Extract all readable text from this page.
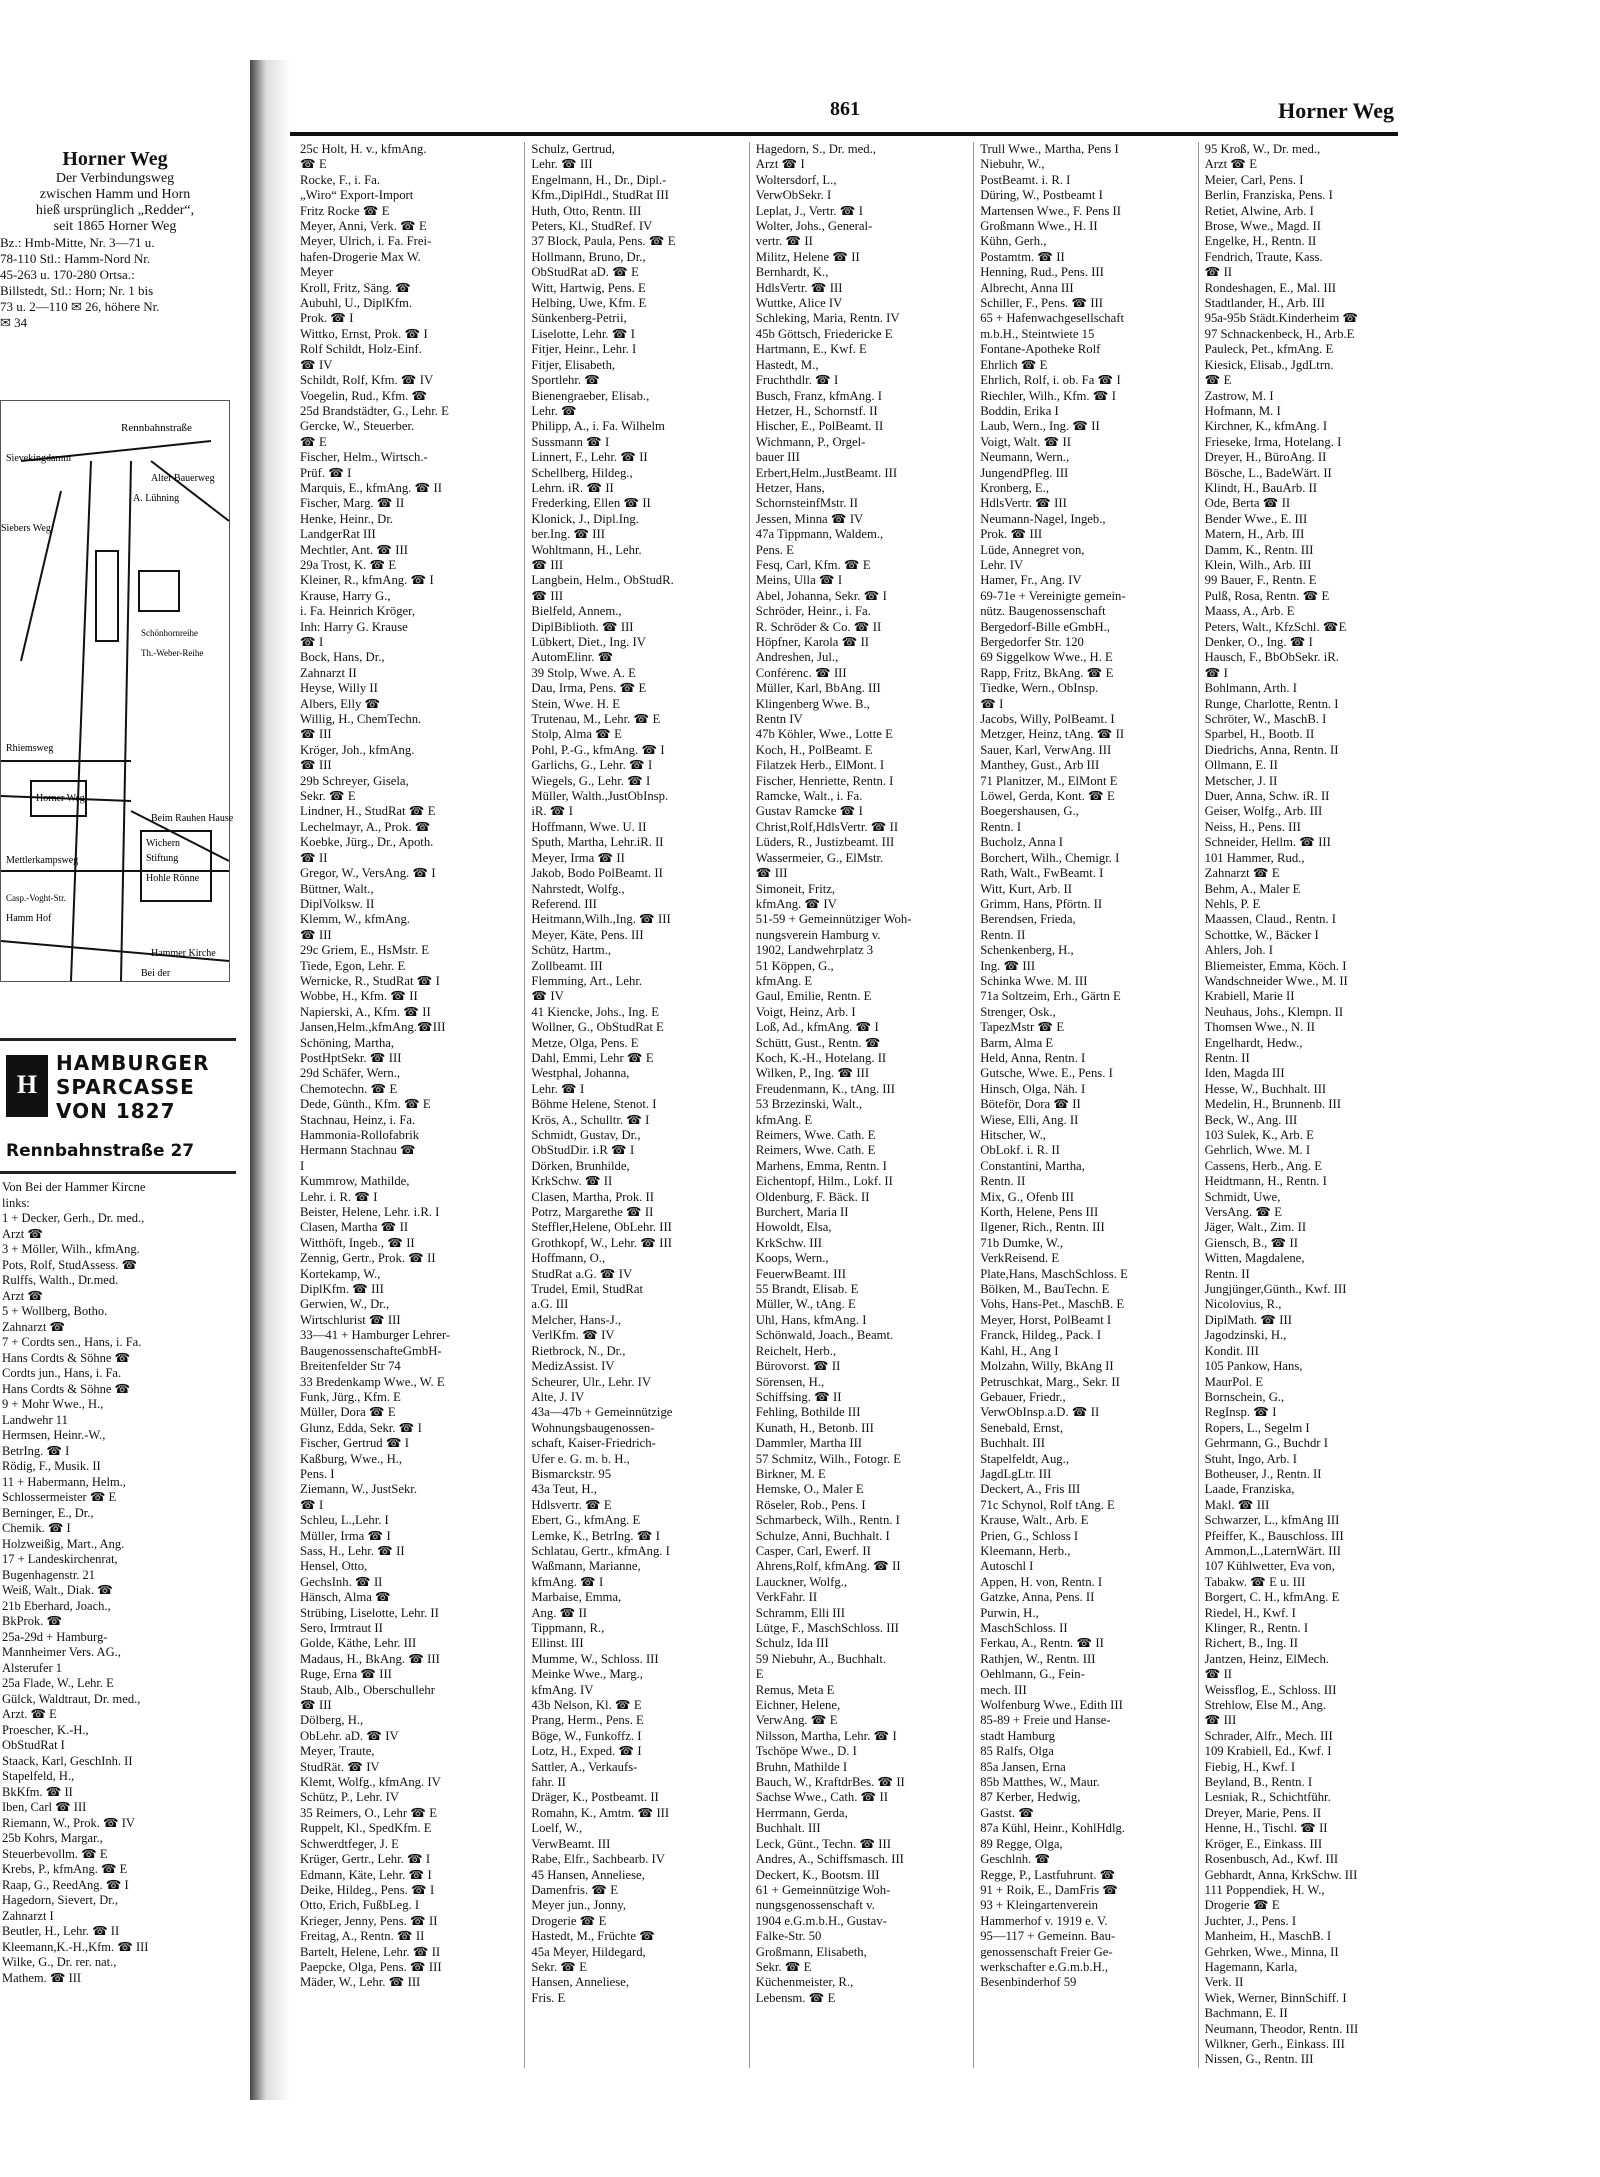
Horner Weg
Der Verbindungsweg
zwischen Hamm und Horn
hieß ursprünglich „Redder“,
seit 1865 Horner Weg
Bz.: Hmb-Mitte, Nr. 3—71 u.
78-110 Stl.: Hamm-Nord Nr.
45-263 u. 170-280 Ortsa.:
Billstedt, Stl.: Horn; Nr. 1 bis
73 u. 2—110 ✉ 26, höhere Nr.
✉ 34
Rennbahnstraße
Alter Bauerweg
A. Lühning
Siebers Weg
Horner Weg
Rhiemsweg
Hamm Hof
Mettlerkampsweg
Beim Rauhen Hause
Wichern
Stiftung
Hohle Rönne
Hammer Kirche
Bei der
Sievekingdamm
Schönhornreihe
Th.-Weber-Reihe
Casp.-Voght-Str.
H
HAMBURGER
SPARCASSE
VON 1827
Rennbahnstraße 27
Von Bei der Hammer Kircne
links:
1 + Decker, Gerh., Dr. med.,
Arzt ☎
3 + Möller, Wilh., kfmAng.
Pots, Rolf, StudAssess. ☎
Rulffs, Walth., Dr.med.
Arzt ☎
5 + Wollberg, Botho.
Zahnarzt ☎
7 + Cordts sen., Hans, i. Fa.
Hans Cordts & Söhne ☎
Cordts jun., Hans, i. Fa.
Hans Cordts & Söhne ☎
9 + Mohr Wwe., H.,
Landwehr 11
Hermsen, Heinr.-W.,
BetrIng. ☎ I
Rödig, F., Musik. II
11 + Habermann, Helm.,
Schlossermeister ☎ E
Berninger, E., Dr.,
Chemik. ☎ I
Holzweißig, Mart., Ang.
17 + Landeskirchenrat,
Bugenhagenstr. 21
Weiß, Walt., Diak. ☎
21b Eberhard, Joach.,
BkProk. ☎
25a-29d + Hamburg-
Mannheimer Vers. AG.,
Alsterufer 1
25a Flade, W., Lehr. E
Gülck, Waldtraut, Dr. med.,
Arzt. ☎ E
Proescher, K.-H.,
ObStudRat I
Staack, Karl, GeschInh. II
Stapelfeld, H.,
BkKfm. ☎ II
Iben, Carl ☎ III
Riemann, W., Prok. ☎ IV
25b Kohrs, Margar.,
Steuerbevollm. ☎ E
Krebs, P., kfmAng. ☎ E
Raap, G., ReedAng. ☎ I
Hagedorn, Sievert, Dr.,
Zahnarzt I
Beutler, H., Lehr. ☎ II
Kleemann,K.-H.,Kfm. ☎ III
Wilke, G., Dr. rer. nat.,
Mathem. ☎ III
861	Horner Weg
25c Holt, H. v., kfmAng.
☎ E
Rocke, F., i. Fa.
„Wiro“ Export-Import
Fritz Rocke ☎ E
Meyer, Anni, Verk. ☎ E
Meyer, Ulrich, i. Fa. Frei-
hafen-Drogerie Max W.
Meyer
Kroll, Fritz, Säng. ☎
Aubuhl, U., DiplKfm.
Prok. ☎ I
Wittko, Ernst, Prok. ☎ I
Rolf Schildt, Holz-Einf.
☎ IV
Schildt, Rolf, Kfm. ☎ IV
Voegelin, Rud., Kfm. ☎
25d Brandstädter, G., Lehr. E
Gercke, W., Steuerber.
☎ E
Fischer, Helm., Wirtsch.-
Prüf. ☎ I
Marquis, E., kfmAng. ☎ II
Fischer, Marg. ☎ II
Henke, Heinr., Dr.
LandgerRat III
Mechtler, Ant. ☎ III
29a Trost, K. ☎ E
Kleiner, R., kfmAng. ☎ I
Krause, Harry G.,
i. Fa. Heinrich Kröger,
Inh: Harry G. Krause
☎ I
Bock, Hans, Dr.,
Zahnarzt II
Heyse, Willy II
Albers, Elly ☎
Willig, H., ChemTechn.
☎ III
Kröger, Joh., kfmAng.
☎ III
29b Schreyer, Gisela,
Sekr. ☎ E
Lindner, H., StudRat ☎ E
Lechelmayr, A., Prok. ☎
Koebke, Jürg., Dr., Apoth.
☎ II
Gregor, W., VersAng. ☎ I
Büttner, Walt.,
DiplVolksw. II
Klemm, W., kfmAng.
☎ III
29c Griem, E., HsMstr. E
Tiede, Egon, Lehr. E
Wernicke, R., StudRat ☎ I
Wobbe, H., Kfm. ☎ II
Napierski, A., Kfm. ☎ II
Jansen,Helm.,kfmAng.☎III
Schöning, Martha,
PostHptSekr. ☎ III
29d Schäfer, Wern.,
Chemotechn. ☎ E
Dede, Günth., Kfm. ☎ E
Stachnau, Heinz, i. Fa.
Hammonia-Rollofabrik
Hermann Stachnau ☎
I
Kummrow, Mathilde,
Lehr. i. R. ☎ I
Beister, Helene, Lehr. i.R. I
Clasen, Martha ☎ II
Witthöft, Ingeb., ☎ II
Zennig, Gertr., Prok. ☎ II
Kortekamp, W.,
DiplKfm. ☎ III
Gerwien, W., Dr.,
Wirtschlurist ☎ III
33—41 + Hamburger Lehrer-
BaugenossenschafteGmbH-
Breitenfelder Str 74
33 Bredenkamp Wwe., W. E
Funk, Jürg., Kfm. E
Müller, Dora ☎ E
Glunz, Edda, Sekr. ☎ I
Fischer, Gertrud ☎ I
Kaßburg, Wwe., H.,
Pens. I
Ziemann, W., JustSekr.
☎ I
Schleu, L.,Lehr. I
Müller, Irma ☎ I
Sass, H., Lehr. ☎ II
Hensel, Otto,
GechsInh. ☎ II
Hänsch, Alma ☎
Strübing, Liselotte, Lehr. II
Sero, Irmtraut II
Golde, Käthe, Lehr. III
Madaus, H., BkAng. ☎ III
Ruge, Erna ☎ III
Staub, Alb., Oberschullehr
☎ III
Dölberg, H.,
ObLehr. aD. ☎ IV
Meyer, Traute,
StudRät. ☎ IV
Klemt, Wolfg., kfmAng. IV
Schütz, P., Lehr. IV
35 Reimers, O., Lehr ☎ E
Ruppelt, Kl., SpedKfm. E
Schwerdtfeger, J. E
Krüger, Gertr., Lehr. ☎ I
Edmann, Käte, Lehr. ☎ I
Deike, Hildeg., Pens. ☎ I
Otto, Erich, FußbLeg. I
Krieger, Jenny, Pens. ☎ II
Freitag, A., Rentn. ☎ II
Bartelt, Helene, Lehr. ☎ II
Paepcke, Olga, Pens. ☎ III
Mäder, W., Lehr. ☎ III
Schulz, Gertrud,
Lehr. ☎ III
Engelmann, H., Dr., Dipl.-
Kfm.,DiplHdl., StudRat III
Huth, Otto, Rentn. III
Peters, Kl., StudRef. IV
37 Block, Paula, Pens. ☎ E
Hollmann, Bruno, Dr.,
ObStudRat aD. ☎ E
Witt, Hartwig, Pens. E
Helbing, Uwe, Kfm. E
Sünkenberg-Petrii,
Liselotte, Lehr. ☎ I
Fitjer, Heinr., Lehr. I
Fitjer, Elisabeth,
Sportlehr. ☎
Bienengraeber, Elisab.,
Lehr. ☎
Philipp, A., i. Fa. Wilhelm
Sussmann ☎ I
Linnert, F., Lehr. ☎ II
Schellberg, Hildeg.,
Lehrn. iR. ☎ II
Frederking, Ellen ☎ II
Klonick, J., Dipl.Ing.
ber.Ing. ☎ III
Wohltmann, H., Lehr.
☎ III
Langbein, Helm., ObStudR.
☎ III
Bielfeld, Annem.,
DiplBiblioth. ☎ III
Lübkert, Diet., Ing. IV
AutomElinr. ☎
39 Stolp, Wwe. A. E
Dau, Irma, Pens. ☎ E
Stein, Wwe. H. E
Trutenau, M., Lehr. ☎ E
Stolp, Alma ☎ E
Pohl, P.-G., kfmAng. ☎ I
Garlichs, G., Lehr. ☎ I
Wiegels, G., Lehr. ☎ I
Müller, Walth.,JustObInsp.
iR. ☎ I
Hoffmann, Wwe. U. II
Sputh, Martha, Lehr.iR. II
Meyer, Irma ☎ II
Jakob, Bodo PolBeamt. II
Nahrstedt, Wolfg.,
Referend. III
Heitmann,Wilh.,Ing. ☎ III
Meyer, Käte, Pens. III
Schütz, Hartm.,
Zollbeamt. III
Flemming, Art., Lehr.
☎ IV
41 Kiencke, Johs., Ing. E
Wollner, G., ObStudRat E
Metze, Olga, Pens. E
Dahl, Emmi, Lehr ☎ E
Westphal, Johanna,
Lehr. ☎ I
Böhme Helene, Stenot. I
Krös, A., Schulltr. ☎ I
Schmidt, Gustav, Dr.,
ObStudDir. i.R ☎ I
Dörken, Brunhilde,
KrkSchw. ☎ II
Clasen, Martha, Prok. II
Potrz, Margarethe ☎ II
Steffler,Helene, ObLehr. III
Grothkopf, W., Lehr. ☎ III
Hoffmann, O.,
StudRat a.G. ☎ IV
Trudel, Emil, StudRat
a.G. III
Melcher, Hans-J.,
VerlKfm. ☎ IV
Rietbrock, N., Dr.,
MedizAssist. IV
Scheurer, Ulr., Lehr. IV
Alte, J. IV
43a—47b + Gemeinnützige
Wohnungsbaugenossen-
schaft, Kaiser-Friedrich-
Ufer e. G. m. b. H.,
Bismarckstr. 95
43a Teut, H.,
Hdlsvertr. ☎ E
Ebert, G., kfmAng. E
Lemke, K., BetrIng. ☎ I
Schlatau, Gertr., kfmAng. I
Waßmann, Marianne,
kfmAng. ☎ I
Marbaise, Emma,
Ang. ☎ II
Tippmann, R.,
Ellinst. III
Mumme, W., Schloss. III
Meinke Wwe., Marg.,
kfmAng. IV
43b Nelson, Kl. ☎ E
Prang, Herm., Pens. E
Böge, W., Funkoffz. I
Lotz, H., Exped. ☎ I
Sattler, A., Verkaufs-
fahr. II
Dräger, K., Postbeamt. II
Romahn, K., Amtm. ☎ III
Loelf, W.,
VerwBeamt. III
Rabe, Elfr., Sachbearb. IV
45 Hansen, Anneliese,
Damenfris. ☎ E
Meyer jun., Jonny,
Drogerie ☎ E
Hastedt, M., Früchte ☎
45a Meyer, Hildegard,
Sekr. ☎ E
Hansen, Anneliese,
Fris. E
Hagedorn, S., Dr. med.,
Arzt ☎ I
Woltersdorf, L.,
VerwObSekr. I
Leplat, J., Vertr. ☎ I
Wolter, Johs., General-
vertr. ☎ II
Militz, Helene ☎ II
Bernhardt, K.,
HdlsVertr. ☎ III
Wuttke, Alice IV
Schleking, Maria, Rentn. IV
45b Göttsch, Friedericke E
Hartmann, E., Kwf. E
Hastedt, M.,
Fruchthdlr. ☎ I
Busch, Franz, kfmAng. I
Hetzer, H., Schornstf. II
Hischer, E., PolBeamt. II
Wichmann, P., Orgel-
bauer III
Erbert,Helm.,JustBeamt. III
Hetzer, Hans,
SchornsteinfMstr. II
Jessen, Minna ☎ IV
47a Tippmann, Waldem.,
Pens. E
Fesq, Carl, Kfm. ☎ E
Meins, Ulla ☎ I
Abel, Johanna, Sekr. ☎ I
Schröder, Heinr., i. Fa.
R. Schröder & Co. ☎ II
Höpfner, Karola ☎ II
Andreshen, Jul.,
Conférenc. ☎ III
Müller, Karl, BbAng. III
Klingenberg Wwe. B.,
Rentn IV
47b Köhler, Wwe., Lotte E
Koch, H., PolBeamt. E
Filatzek Herb., ElMont. I
Fischer, Henriette, Rentn. I
Ramcke, Walt., i. Fa.
Gustav Ramcke ☎ I
Christ,Rolf,HdlsVertr. ☎ II
Lüders, R., Justizbeamt. III
Wassermeier, G., ElMstr.
☎ III
Simoneit, Fritz,
kfmAng. ☎ IV
51-59 + Gemeinnütziger Woh-
nungsverein Hamburg v.
1902, Landwehrplatz 3
51 Köppen, G.,
kfmAng. E
Gaul, Emilie, Rentn. E
Voigt, Heinz, Arb. I
Loß, Ad., kfmAng. ☎ I
Schütt, Gust., Rentn. ☎
Koch, K.-H., Hotelang. II
Wilken, P., Ing. ☎ III
Freudenmann, K., tAng. III
53 Brzezinski, Walt.,
kfmAng. E
Reimers, Wwe. Cath. E
Reimers, Wwe. Cath. E
Marhens, Emma, Rentn. I
Eichentopf, Hilm., Lokf. II
Oldenburg, F. Bäck. II
Burchert, Maria II
Howoldt, Elsa,
KrkSchw. III
Koops, Wern.,
FeuerwBeamt. III
55 Brandt, Elisab. E
Müller, W., tAng. E
Uhl, Hans, kfmAng. I
Schönwald, Joach., Beamt.
Reichelt, Herb.,
Bürovorst. ☎ II
Sörensen, H.,
Schiffsing. ☎ II
Fehling, Bothilde III
Kunath, H., Betonb. III
Dammler, Martha III
57 Schmitz, Wilh., Fotogr. E
Birkner, M. E
Hemske, O., Maler E
Röseler, Rob., Pens. I
Schmarbeck, Wilh., Rentn. I
Schulze, Anni, Buchhalt. I
Casper, Carl, Ewerf. II
Ahrens,Rolf, kfmAng. ☎ II
Lauckner, Wolfg.,
VerkFahr. II
Schramm, Elli III
Lütge, F., MaschSchloss. III
Schulz, Ida III
59 Niebuhr, A., Buchhalt.
E
Remus, Meta E
Eichner, Helene,
VerwAng. ☎ E
Nilsson, Martha, Lehr. ☎ I
Tschöpe Wwe., D. I
Bruhn, Mathilde I
Bauch, W., KraftdrBes. ☎ II
Sachse Wwe., Cath. ☎ II
Herrmann, Gerda,
Buchhalt. III
Leck, Günt., Techn. ☎ III
Andres, A., Schiffsmasch. III
Deckert, K., Bootsm. III
61 + Gemeinnützige Woh-
nungsgenossenschaft v.
1904 e.G.m.b.H., Gustav-
Falke-Str. 50
Großmann, Elisabeth,
Sekr. ☎ E
Küchenmeister, R.,
Lebensm. ☎ E
Trull Wwe., Martha, Pens I
Niebuhr, W.,
PostBeamt. i. R. I
Düring, W., Postbeamt I
Martensen Wwe., F. Pens II
Großmann Wwe., H. II
Kühn, Gerh.,
Postamtm. ☎ II
Henning, Rud., Pens. III
Albrecht, Anna III
Schiller, F., Pens. ☎ III
65 + Hafenwachgesellschaft
m.b.H., Steintwiete 15
Fontane-Apotheke Rolf
Ehrlich ☎ E
Ehrlich, Rolf, i. ob. Fa ☎ I
Riechler, Wilh., Kfm. ☎ I
Boddin, Erika I
Laub, Wern., Ing. ☎ II
Voigt, Walt. ☎ II
Neumann, Wern.,
JungendPfleg. III
Kronberg, E.,
HdlsVertr. ☎ III
Neumann-Nagel, Ingeb.,
Prok. ☎ III
Lüde, Annegret von,
Lehr. IV
Hamer, Fr., Ang. IV
69-71e + Vereinigte gemein-
nütz. Baugenossenschaft
Bergedorf-Bille eGmbH.,
Bergedorfer Str. 120
69 Siggelkow Wwe., H. E
Rapp, Fritz, BkAng. ☎ E
Tiedke, Wern., ObInsp.
☎ I
Jacobs, Willy, PolBeamt. I
Metzger, Heinz, tAng. ☎ II
Sauer, Karl, VerwAng. III
Manthey, Gust., Arb III
71 Planitzer, M., ElMont E
Löwel, Gerda, Kont. ☎ E
Boegershausen, G.,
Rentn. I
Bucholz, Anna I
Borchert, Wilh., Chemigr. I
Rath, Walt., FwBeamt. I
Witt, Kurt, Arb. II
Grimm, Hans, Pförtn. II
Berendsen, Frieda,
Rentn. II
Schenkenberg, H.,
Ing. ☎ III
Schinka Wwe. M. III
71a Soltzeim, Erh., Gärtn E
Strenger, Osk.,
TapezMstr ☎ E
Barm, Alma E
Held, Anna, Rentn. I
Gutsche, Wwe. E., Pens. I
Hinsch, Olga, Näh. I
Böteför, Dora ☎ II
Wiese, Elli, Ang. II
Hitscher, W.,
ObLokf. i. R. II
Constantini, Martha,
Rentn. II
Mix, G., Ofenb III
Korth, Helene, Pens III
Ilgener, Rich., Rentn. III
71b Dumke, W.,
VerkReisend. E
Plate,Hans, MaschSchloss. E
Bölken, M., BauTechn. E
Vohs, Hans-Pet., MaschB. E
Meyer, Horst, PolBeamt I
Franck, Hildeg., Pack. I
Kahl, H., Ang I
Molzahn, Willy, BkAng II
Petruschkat, Marg., Sekr. II
Gebauer, Friedr.,
VerwObInsp.a.D. ☎ II
Senebald, Ernst,
Buchhalt. III
Stapelfeldt, Aug.,
JagdLgLtr. III
Deckert, A., Fris III
71c Schynol, Rolf tAng. E
Krause, Walt., Arb. E
Prien, G., Schloss I
Kleemann, Herb.,
Autoschl I
Appen, H. von, Rentn. I
Gatzke, Anna, Pens. II
Purwin, H.,
MaschSchloss. II
Ferkau, A., Rentn. ☎ II
Rathjen, W., Rentn. III
Oehlmann, G., Fein-
mech. III
Wolfenburg Wwe., Edith III
85-89 + Freie und Hanse-
stadt Hamburg
85 Ralfs, Olga
85a Jansen, Erna
85b Matthes, W., Maur.
87 Kerber, Hedwig,
Gastst. ☎
87a Kühl, Heinr., KohlHdlg.
89 Regge, Olga,
Geschlnh. ☎
Regge, P., Lastfuhrunt. ☎
91 + Roik, E., DamFris ☎
93 + Kleingartenverein
Hammerhof v. 1919 e. V.
95—117 + Gemeinn. Bau-
genossenschaft Freier Ge-
werkschafter e.G.m.b.H.,
Besenbinderhof 59
95 Kroß, W., Dr. med.,
Arzt ☎ E
Meier, Carl, Pens. I
Berlin, Franziska, Pens. I
Retiet, Alwine, Arb. I
Brose, Wwe., Magd. II
Engelke, H., Rentn. II
Fendrich, Traute, Kass.
☎ II
Rondeshagen, E., Mal. III
Stadtlander, H., Arb. III
95a-95b Städt.Kinderheim ☎
97 Schnackenbeck, H., Arb.E
Pauleck, Pet., kfmAng. E
Kiesick, Elisab., JgdLtrn.
☎ E
Zastrow, M. I
Hofmann, M. I
Kirchner, K., kfmAng. I
Frieseke, Irma, Hotelang. I
Dreyer, H., BüroAng. II
Bösche, L., BadeWärt. II
Klindt, H., BauArb. II
Ode, Berta ☎ II
Bender Wwe., E. III
Matern, H., Arb. III
Damm, K., Rentn. III
Klein, Wilh., Arb. III
99 Bauer, F., Rentn. E
Pulß, Rosa, Rentn. ☎ E
Maass, A., Arb. E
Peters, Walt., KfzSchl. ☎E
Denker, O., Ing. ☎ I
Hausch, F., BbObSekr. iR.
☎ I
Bohlmann, Arth. I
Runge, Charlotte, Rentn. I
Schröter, W., MaschB. I
Sparbel, H., Bootb. II
Diedrichs, Anna, Rentn. II
Ollmann, E. II
Metscher, J. II
Duer, Anna, Schw. iR. II
Geiser, Wolfg., Arb. III
Neiss, H., Pens. III
Schneider, Hellm. ☎ III
101 Hammer, Rud.,
Zahnarzt ☎ E
Behm, A., Maler E
Nehls, P. E
Maassen, Claud., Rentn. I
Schottke, W., Bäcker I
Ahlers, Joh. I
Bliemeister, Emma, Köch. I
Wandschneider Wwe., M. II
Krabiell, Marie II
Neuhaus, Johs., Klempn. II
Thomsen Wwe., N. II
Engelhardt, Hedw.,
Rentn. II
Iden, Magda III
Hesse, W., Buchhalt. III
Medelin, H., Brunnenb. III
Beck, W., Ang. III
103 Sulek, K., Arb. E
Gehrlich, Wwe. M. I
Cassens, Herb., Ang. E
Heidtmann, H., Rentn. I
Schmidt, Uwe,
VersAng. ☎ E
Jäger, Walt., Zim. II
Giensch, B., ☎ II
Witten, Magdalene,
Rentn. II
Jungjünger,Günth., Kwf. III
Nicolovius, R.,
DiplMath. ☎ III
Jagodzinski, H.,
Kondit. III
105 Pankow, Hans,
MaurPol. E
Bornschein, G.,
RegInsp. ☎ I
Ropers, L., Segelm I
Gehrmann, G., Buchdr I
Stuht, Ingo, Arb. I
Botheuser, J., Rentn. II
Laade, Franziska,
Makl. ☎ III
Schwarzer, L., kfmAng III
Pfeiffer, K., Bauschloss. III
Ammon,L.,LaternWärt. III
107 Kühlwetter, Eva von,
Tabakw. ☎ E u. III
Borgert, C. H., kfmAng. E
Riedel, H., Kwf. I
Klinger, R., Rentn. I
Richert, B., Ing. II
Jantzen, Heinz, ElMech.
☎ II
Weissflog, E., Schloss. III
Strehlow, Else M., Ang.
☎ III
Schrader, Alfr., Mech. III
109 Krabiell, Ed., Kwf. I
Fiebig, H., Kwf. I
Beyland, B., Rentn. I
Lesniak, R., Schichtführ.
Dreyer, Marie, Pens. II
Henne, H., Tischl. ☎ II
Kröger, E., Einkass. III
Rosenbusch, Ad., Kwf. III
Gebhardt, Anna, KrkSchw. III
111 Poppendiek, H. W.,
Drogerie ☎ E
Juchter, J., Pens. I
Manheim, H., MaschB. I
Gehrken, Wwe., Minna, II
Hagemann, Karla,
Verk. II
Wiek, Werner, BinnSchiff. I
Bachmann, E. II
Neumann, Theodor, Rentn. III
Wilkner, Gerh., Einkass. III
Nissen, G., Rentn. III
